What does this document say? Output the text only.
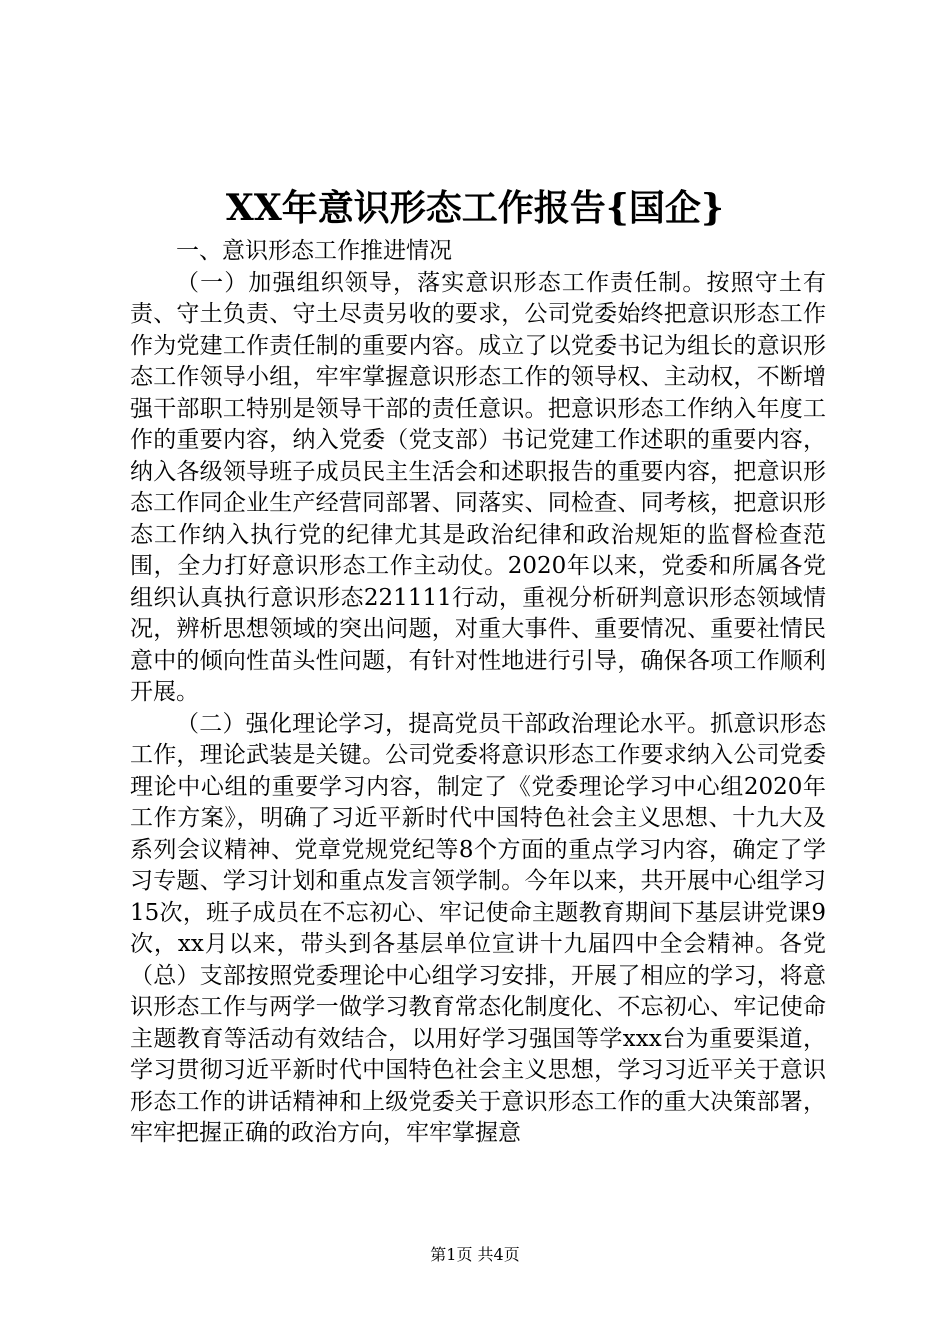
XX年意识形态工作报告{国企}

一、意识形态工作推进情况

（一）加强组织领导，落实意识形态工作责任制。按照守土有责、守土负责、守土尽责另收的要求，公司党委始终把意识形态工作作为党建工作责任制的重要内容。成立了以党委书记为组长的意识形态工作领导小组，牢牢掌握意识形态工作的领导权、主动权，不断增强干部职工特别是领导干部的责任意识。把意识形态工作纳入年度工作的重要内容，纳入党委（党支部）书记党建工作述职的重要内容，纳入各级领导班子成员民主生活会和述职报告的重要内容，把意识形态工作同企业生产经营同部署、同落实、同检查、同考核，把意识形态工作纳入执行党的纪律尤其是政治纪律和政治规矩的监督检查范围，全力打好意识形态工作主动仗。2020年以来，党委和所属各党组织认真执行意识形态221111行动，重视分析研判意识形态领域情况，辨析思想领域的突出问题，对重大事件、重要情况、重要社情民意中的倾向性苗头性问题，有针对性地进行引导，确保各项工作顺利开展。

（二）强化理论学习，提高党员干部政治理论水平。抓意识形态工作，理论武装是关键。公司党委将意识形态工作要求纳入公司党委理论中心组的重要学习内容，制定了《党委理论学习中心组2020年工作方案》，明确了习近平新时代中国特色社会主义思想、十九大及系列会议精神、党章党规党纪等8个方面的重点学习内容，确定了学习专题、学习计划和重点发言领学制。今年以来，共开展中心组学习15次，班子成员在不忘初心、牢记使命主题教育期间下基层讲党课9次，xx月以来，带头到各基层单位宣讲十九届四中全会精神。各党（总）支部按照党委理论中心组学习安排，开展了相应的学习，将意识形态工作与两学一做学习教育常态化制度化、不忘初心、牢记使命主题教育等活动有效结合，以用好学习强国等学xxx台为重要渠道，学习贯彻习近平新时代中国特色社会主义思想，学习习近平关于意识形态工作的讲话精神和上级党委关于意识形态工作的重大决策部署，牢牢把握正确的政治方向，牢牢掌握意

第1页 共4页
